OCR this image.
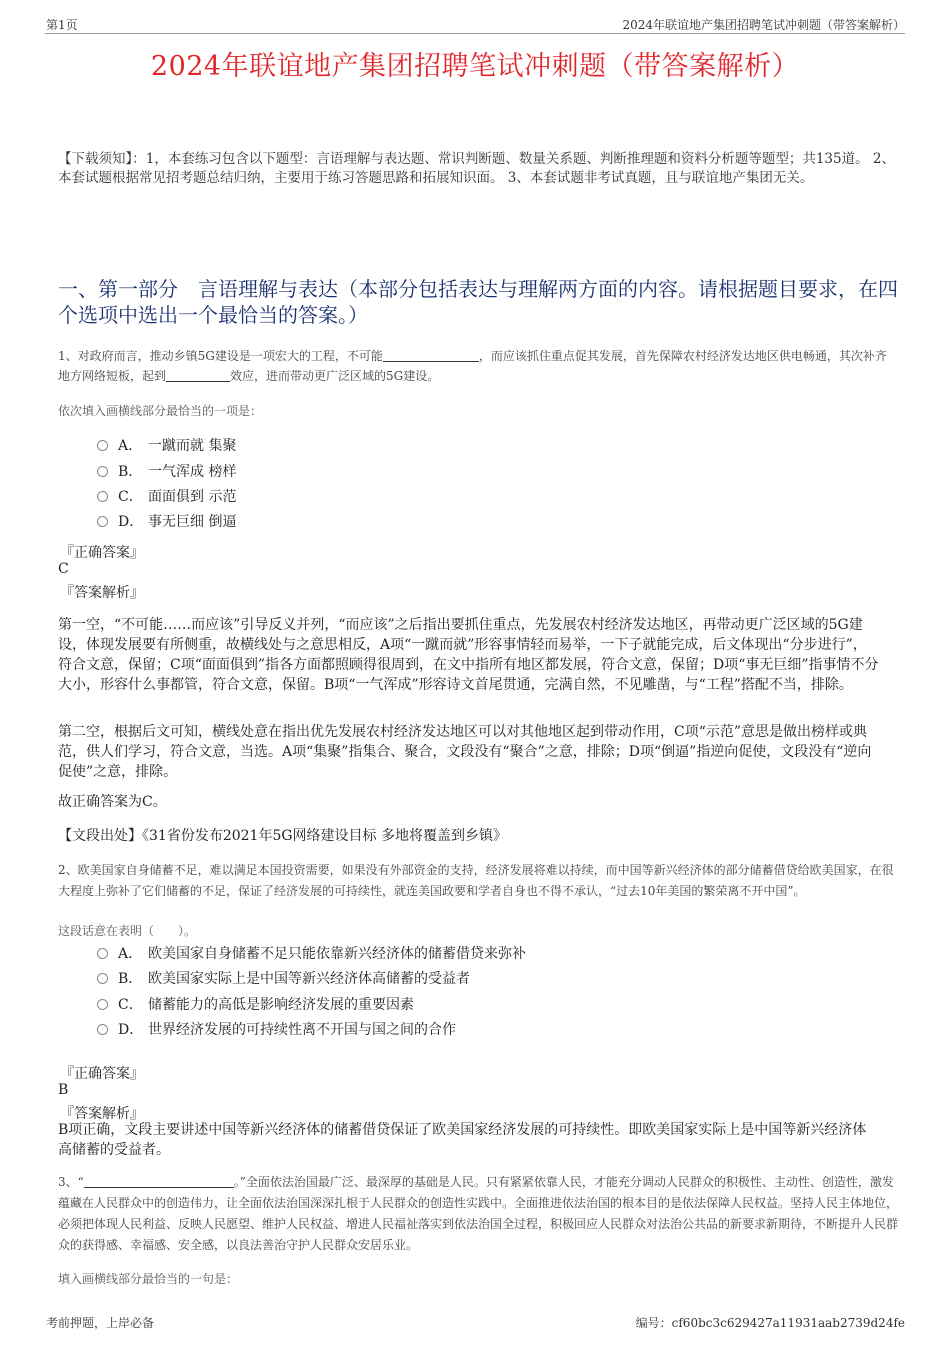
第1页	2024年联谊地产集团招聘笔试冲刺题（带答案解析）
2024年联谊地产集团招聘笔试冲刺题（带答案解析）
【下载须知】：1，本套练习包含以下题型：言语理解与表达题、常识判断题、数量关系题、判断推理题和资料分析题等题型；共135道。 2、本套试题根据常见招考题总结归纳，主要用于练习答题思路和拓展知识面。 3、本套试题非考试真题，且与联谊地产集团无关。
一、第一部分　言语理解与表达（本部分包括表达与理解两方面的内容。请根据题目要求，在四个选项中选出一个最恰当的答案。）
1、对政府而言，推动乡镇5G建设是一项宏大的工程，不可能	，而应该抓住重点促其发展，首先保障农村经济发达地区供电畅通，其次补齐地方网络短板，起到	效应，进而带动更广泛区域的5G建设。
依次填入画横线部分最恰当的一项是：
A． 一蹴而就 集聚
B． 一气浑成 榜样
C． 面面俱到 示范
D． 事无巨细 倒逼
『正确答案』
C
『答案解析』
第一空，“不可能……而应该”引导反义并列，“而应该”之后指出要抓住重点，先发展农村经济发达地区，再带动更广泛区域的5G建设，体现发展要有所侧重，故横线处与之意思相反，A项“一蹴而就”形容事情轻而易举，一下子就能完成，后文体现出“分步进行”，符合文意，保留；C项“面面俱到”指各方面都照顾得很周到，在文中指所有地区都发展，符合文意，保留；D项“事无巨细”指事情不分大小，形容什么事都管，符合文意，保留。B项“一气浑成”形容诗文首尾贯通，完满自然，不见雕凿，与“工程”搭配不当，排除。
第二空，根据后文可知，横线处意在指出优先发展农村经济发达地区可以对其他地区起到带动作用，C项“示范”意思是做出榜样或典范，供人们学习，符合文意，当选。A项“集聚”指集合、聚合，文段没有“聚合”之意，排除；D项“倒逼”指逆向促使，文段没有“逆向促使”之意，排除。
故正确答案为C。
【文段出处】《31省份发布2021年5G网络建设目标 多地将覆盖到乡镇》
2、欧美国家自身储蓄不足，难以满足本国投资需要，如果没有外部资金的支持，经济发展将难以持续，而中国等新兴经济体的部分储蓄借贷给欧美国家，在很大程度上弥补了它们储蓄的不足，保证了经济发展的可持续性，就连美国政要和学者自身也不得不承认，“过去10年美国的繁荣离不开中国”。
这段话意在表明（　　）。
A． 欧美国家自身储蓄不足只能依靠新兴经济体的储蓄借贷来弥补
B． 欧美国家实际上是中国等新兴经济体高储蓄的受益者
C． 储蓄能力的高低是影响经济发展的重要因素
D． 世界经济发展的可持续性离不开国与国之间的合作
『正确答案』
B
『答案解析』
B项正确，文段主要讲述中国等新兴经济体的储蓄借贷保证了欧美国家经济发展的可持续性。即欧美国家实际上是中国等新兴经济体高储蓄的受益者。
3、“	。”全面依法治国最广泛、最深厚的基础是人民。只有紧紧依靠人民，才能充分调动人民群众的积极性、主动性、创造性，激发蕴藏在人民群众中的创造伟力，让全面依法治国深深扎根于人民群众的创造性实践中。全面推进依法治国的根本目的是依法保障人民权益。坚持人民主体地位，必须把体现人民利益、反映人民愿望、维护人民权益、增进人民福祉落实到依法治国全过程，积极回应人民群众对法治公共品的新要求新期待，不断提升人民群众的获得感、幸福感、安全感，以良法善治守护人民群众安居乐业。
填入画横线部分最恰当的一句是：
考前押题，上岸必备	编号：cf60bc3c629427a11931aab2739d24fe
